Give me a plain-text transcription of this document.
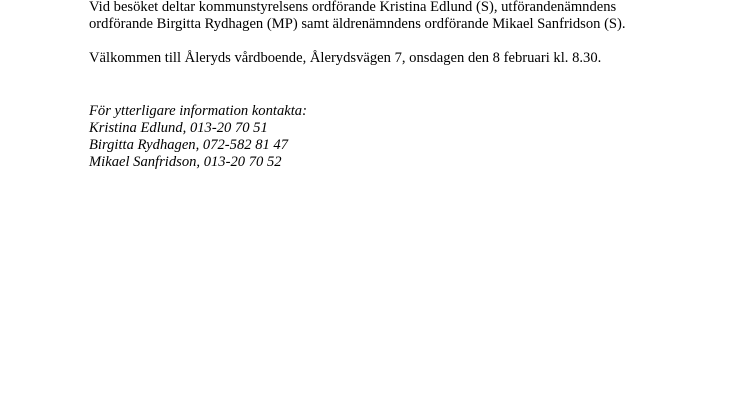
Vid besöket deltar kommunstyrelsens ordförande Kristina Edlund (S), utförandenämndens
ordförande Birgitta Rydhagen (MP) samt äldrenämndens ordförande Mikael Sanfridson (S).

Välkommen till Åleryds vårdboende, Ålerydsvägen 7, onsdagen den 8 februari kl. 8.30.

För ytterligare information kontakta:
Kristina Edlund, 013-20 70 51
Birgitta Rydhagen, 072-582 81 47
Mikael Sanfridson, 013-20 70 52
